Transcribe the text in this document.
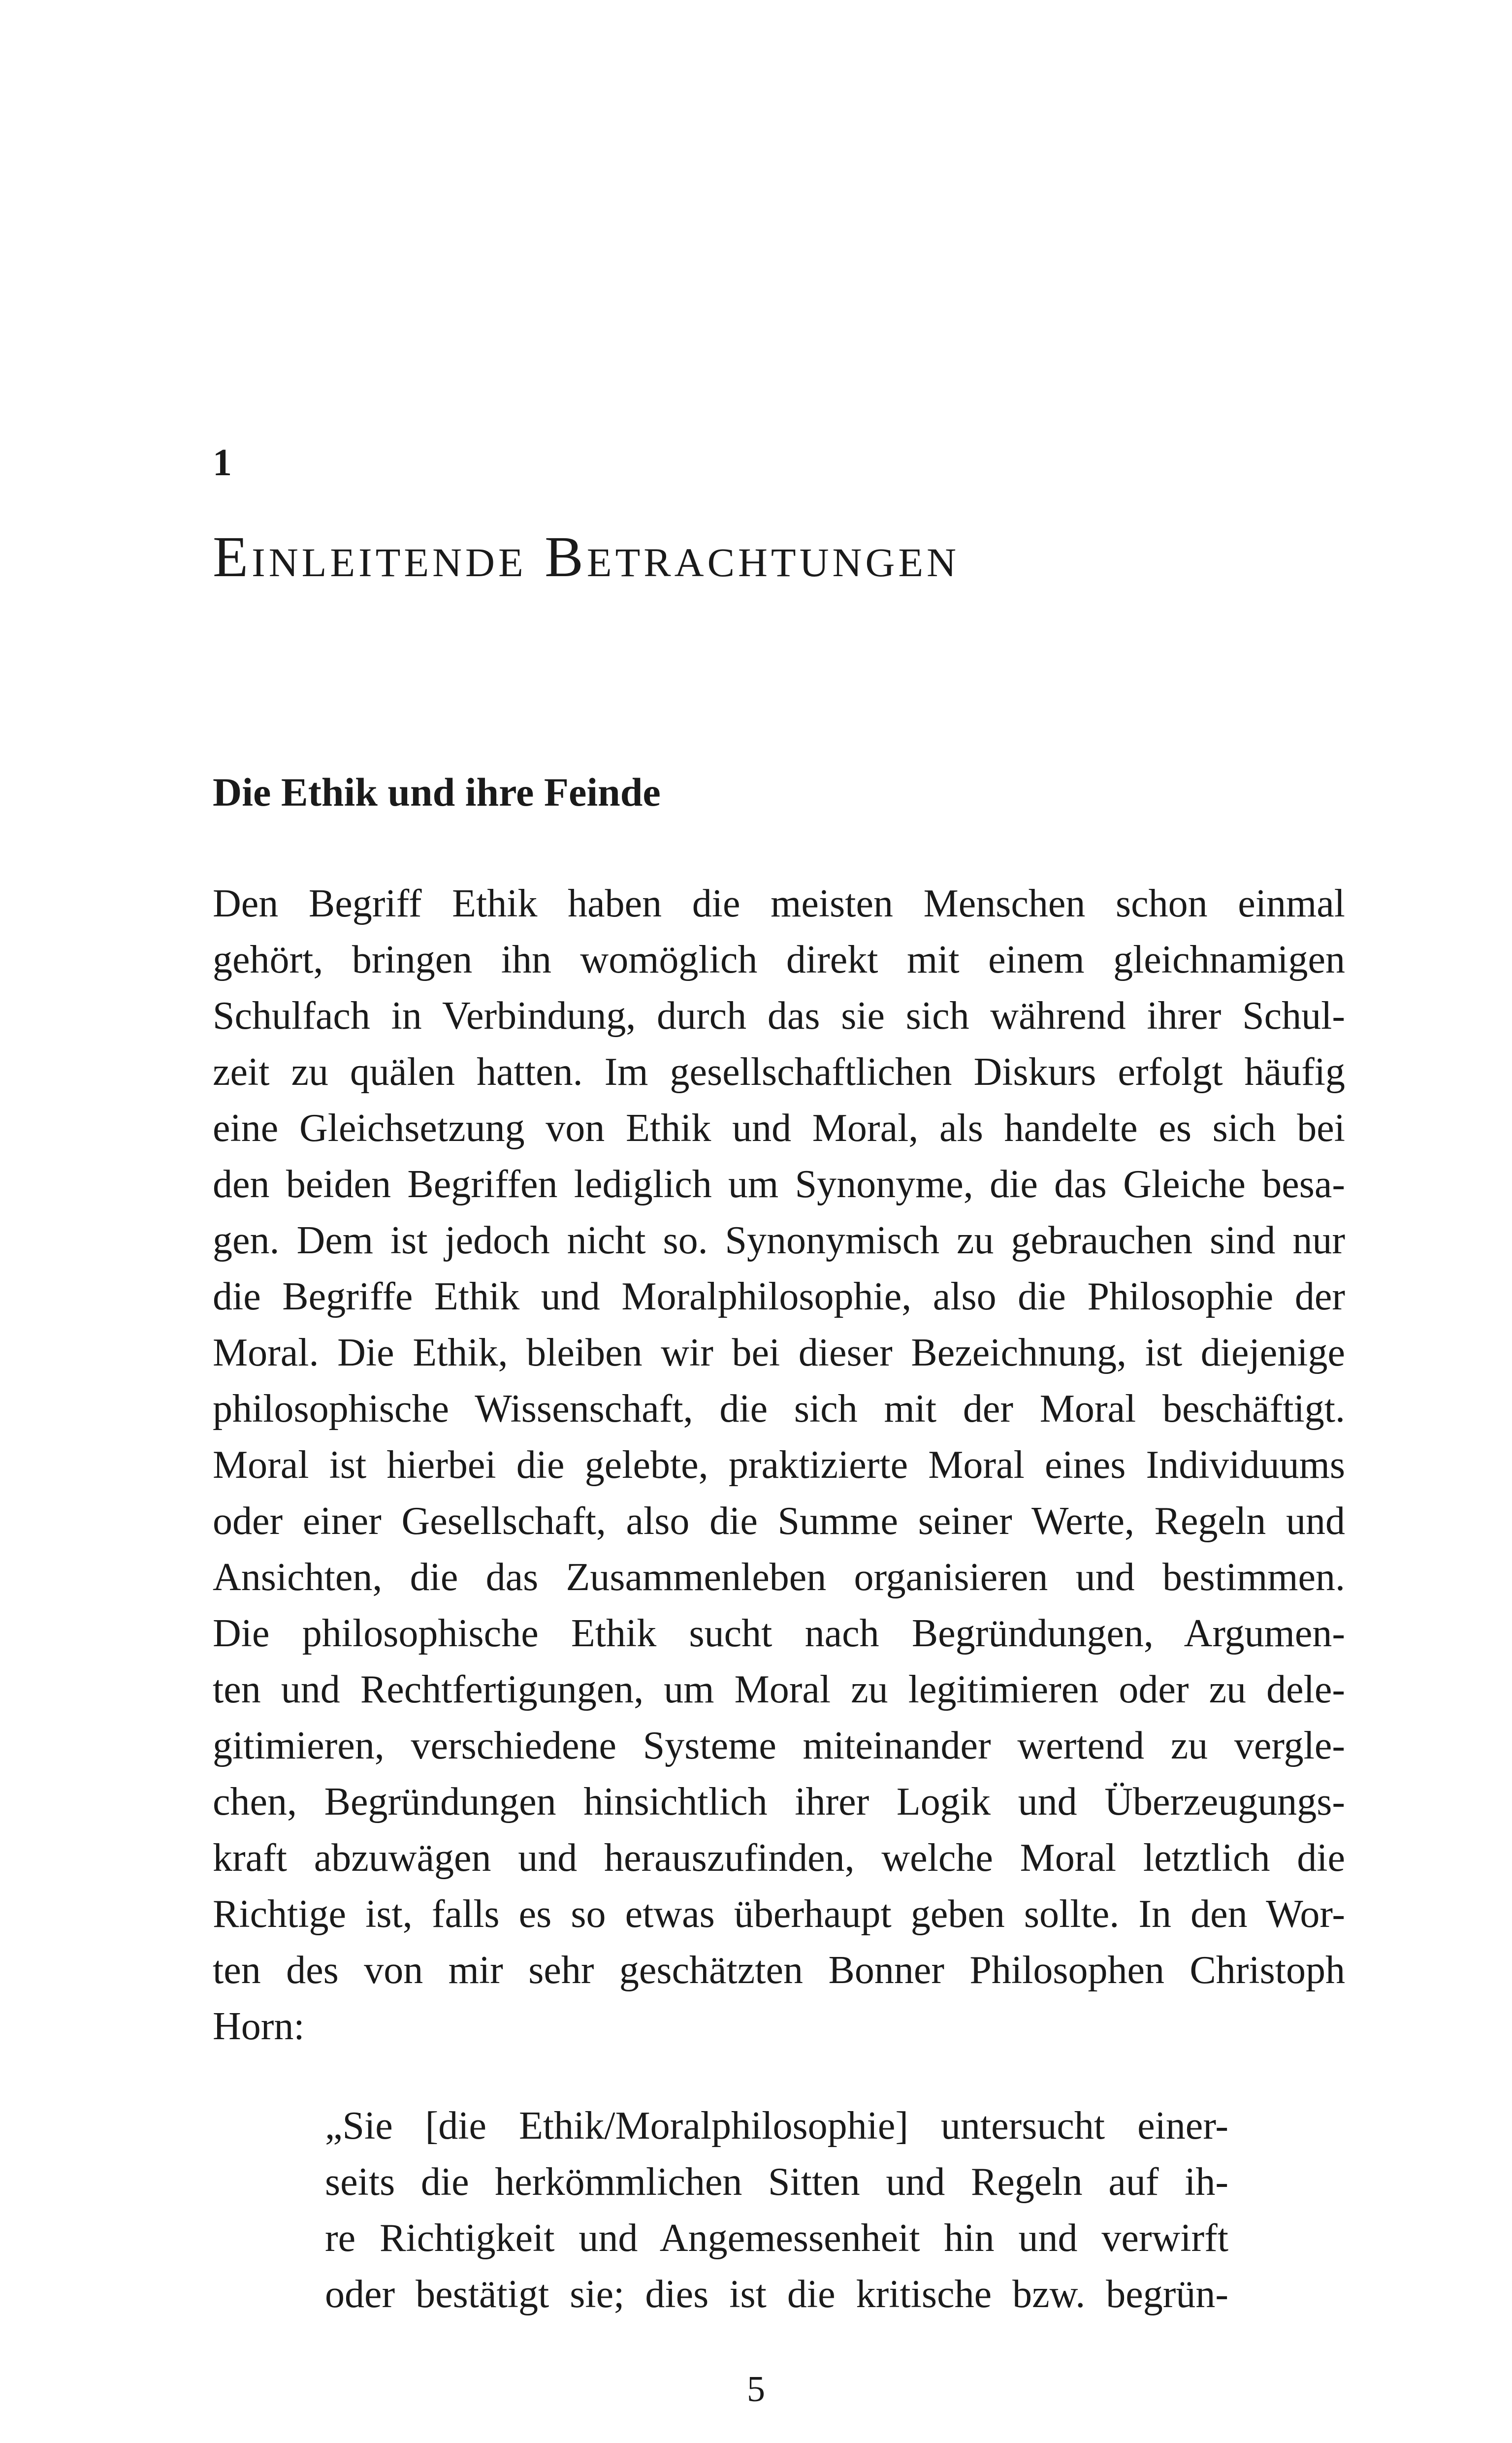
1

Einleitende Betrachtungen
Die Ethik und ihre Feinde
Den Begriff Ethik haben die meisten Menschen schon einmal
gehört, bringen ihn womöglich direkt mit einem gleichnamigen
Schulfach in Verbindung, durch das sie sich während ihrer Schul-
zeit zu quälen hatten. Im gesellschaftlichen Diskurs erfolgt häufig
eine Gleichsetzung von Ethik und Moral, als handelte es sich bei
den beiden Begriffen lediglich um Synonyme, die das Gleiche besa-
gen. Dem ist jedoch nicht so. Synonymisch zu gebrauchen sind nur
die Begriffe Ethik und Moralphilosophie, also die Philosophie der
Moral. Die Ethik, bleiben wir bei dieser Bezeichnung, ist diejenige
philosophische Wissenschaft, die sich mit der Moral beschäftigt.
Moral ist hierbei die gelebte, praktizierte Moral eines Individuums
oder einer Gesellschaft, also die Summe seiner Werte, Regeln und
Ansichten, die das Zusammenleben organisieren und bestimmen.
Die philosophische Ethik sucht nach Begründungen, Argumen-
ten und Rechtfertigungen, um Moral zu legitimieren oder zu dele-
gitimieren, verschiedene Systeme miteinander wertend zu vergle-
chen, Begründungen hinsichtlich ihrer Logik und Überzeugungs-
kraft abzuwägen und herauszufinden, welche Moral letztlich die
Richtige ist, falls es so etwas überhaupt geben sollte. In den Wor-
ten des von mir sehr geschätzten Bonner Philosophen Christoph
Horn:
„Sie [die Ethik/Moralphilosophie] untersucht einer-
seits die herkömmlichen Sitten und Regeln auf ih-
re Richtigkeit und Angemessenheit hin und verwirft
oder bestätigt sie; dies ist die kritische bzw. begrün-

5
